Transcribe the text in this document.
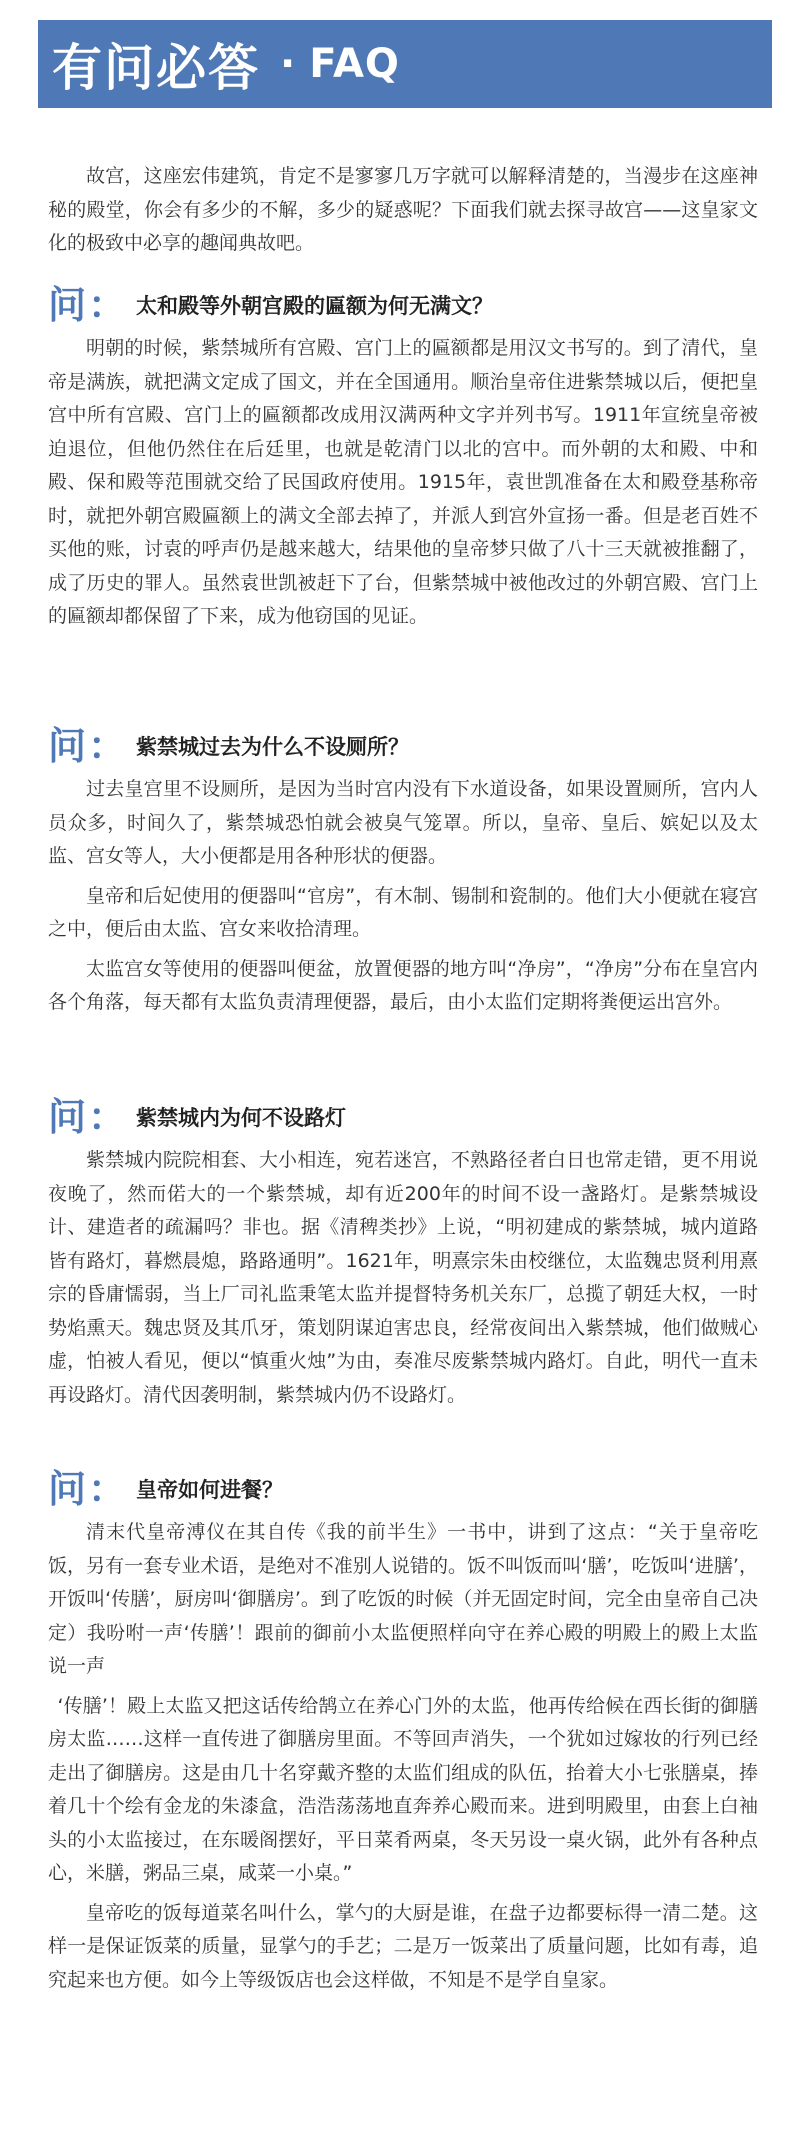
有问必答 · FAQ

故宫，这座宏伟建筑，肯定不是寥寥几万字就可以解释清楚的，当漫步在这座神秘的殿堂，你会有多少的不解，多少的疑惑呢？下面我们就去探寻故宫——这皇家文化的极致中必享的趣闻典故吧。

问： 太和殿等外朝宫殿的匾额为何无满文？

明朝的时候，紫禁城所有宫殿、宫门上的匾额都是用汉文书写的。到了清代，皇帝是满族，就把满文定成了国文，并在全国通用。顺治皇帝住进紫禁城以后，便把皇宫中所有宫殿、宫门上的匾额都改成用汉满两种文字并列书写。1911年宣统皇帝被迫退位，但他仍然住在后廷里，也就是乾清门以北的宫中。而外朝的太和殿、中和殿、保和殿等范围就交给了民国政府使用。1915年，袁世凯准备在太和殿登基称帝时，就把外朝宫殿匾额上的满文全部去掉了，并派人到宫外宣扬一番。但是老百姓不买他的账，讨袁的呼声仍是越来越大，结果他的皇帝梦只做了八十三天就被推翻了，成了历史的罪人。虽然袁世凯被赶下了台，但紫禁城中被他改过的外朝宫殿、宫门上的匾额却都保留了下来，成为他窃国的见证。

问： 紫禁城过去为什么不设厕所？

过去皇宫里不设厕所，是因为当时宫内没有下水道设备，如果设置厕所，宫内人员众多，时间久了，紫禁城恐怕就会被臭气笼罩。所以，皇帝、皇后、嫔妃以及太监、宫女等人，大小便都是用各种形状的便器。

皇帝和后妃使用的便器叫“官房”，有木制、锡制和瓷制的。他们大小便就在寝宫之中，便后由太监、宫女来收拾清理。

太监宫女等使用的便器叫便盆，放置便器的地方叫“净房”，“净房”分布在皇宫内各个角落，每天都有太监负责清理便器，最后，由小太监们定期将粪便运出宫外。

问： 紫禁城内为何不设路灯

紫禁城内院院相套、大小相连，宛若迷宫，不熟路径者白日也常走错，更不用说夜晚了，然而偌大的一个紫禁城，却有近200年的时间不设一盏路灯。是紫禁城设计、建造者的疏漏吗？非也。据《清稗类抄》上说，“明初建成的紫禁城，城内道路皆有路灯，暮燃晨熄，路路通明”。1621年，明熹宗朱由校继位，太监魏忠贤利用熹宗的昏庸懦弱，当上厂司礼监秉笔太监并提督特务机关东厂，总揽了朝廷大权，一时势焰熏天。魏忠贤及其爪牙，策划阴谋迫害忠良，经常夜间出入紫禁城，他们做贼心虚，怕被人看见，便以“慎重火烛”为由，奏准尽废紫禁城内路灯。自此，明代一直未再设路灯。清代因袭明制，紫禁城内仍不设路灯。

问： 皇帝如何进餐？

清末代皇帝溥仪在其自传《我的前半生》一书中，讲到了这点：“关于皇帝吃饭，另有一套专业术语，是绝对不准别人说错的。饭不叫饭而叫‘膳’，吃饭叫‘进膳’，开饭叫‘传膳’，厨房叫‘御膳房’。到了吃饭的时候（并无固定时间，完全由皇帝自己决定）我吩咐一声‘传膳’！跟前的御前小太监便照样向守在养心殿的明殿上的殿上太监说一声

‘传膳’！殿上太监又把这话传给鹄立在养心门外的太监，他再传给候在西长街的御膳房太监……这样一直传进了御膳房里面。不等回声消失，一个犹如过嫁妆的行列已经走出了御膳房。这是由几十名穿戴齐整的太监们组成的队伍，抬着大小七张膳桌，捧着几十个绘有金龙的朱漆盒，浩浩荡荡地直奔养心殿而来。进到明殿里，由套上白袖头的小太监接过，在东暖阁摆好，平日菜肴两桌，冬天另设一桌火锅，此外有各种点心，米膳，粥品三桌，咸菜一小桌。”

皇帝吃的饭每道菜名叫什么，掌勺的大厨是谁，在盘子边都要标得一清二楚。这样一是保证饭菜的质量，显掌勺的手艺；二是万一饭菜出了质量问题，比如有毒，追究起来也方便。如今上等级饭店也会这样做，不知是不是学自皇家。
